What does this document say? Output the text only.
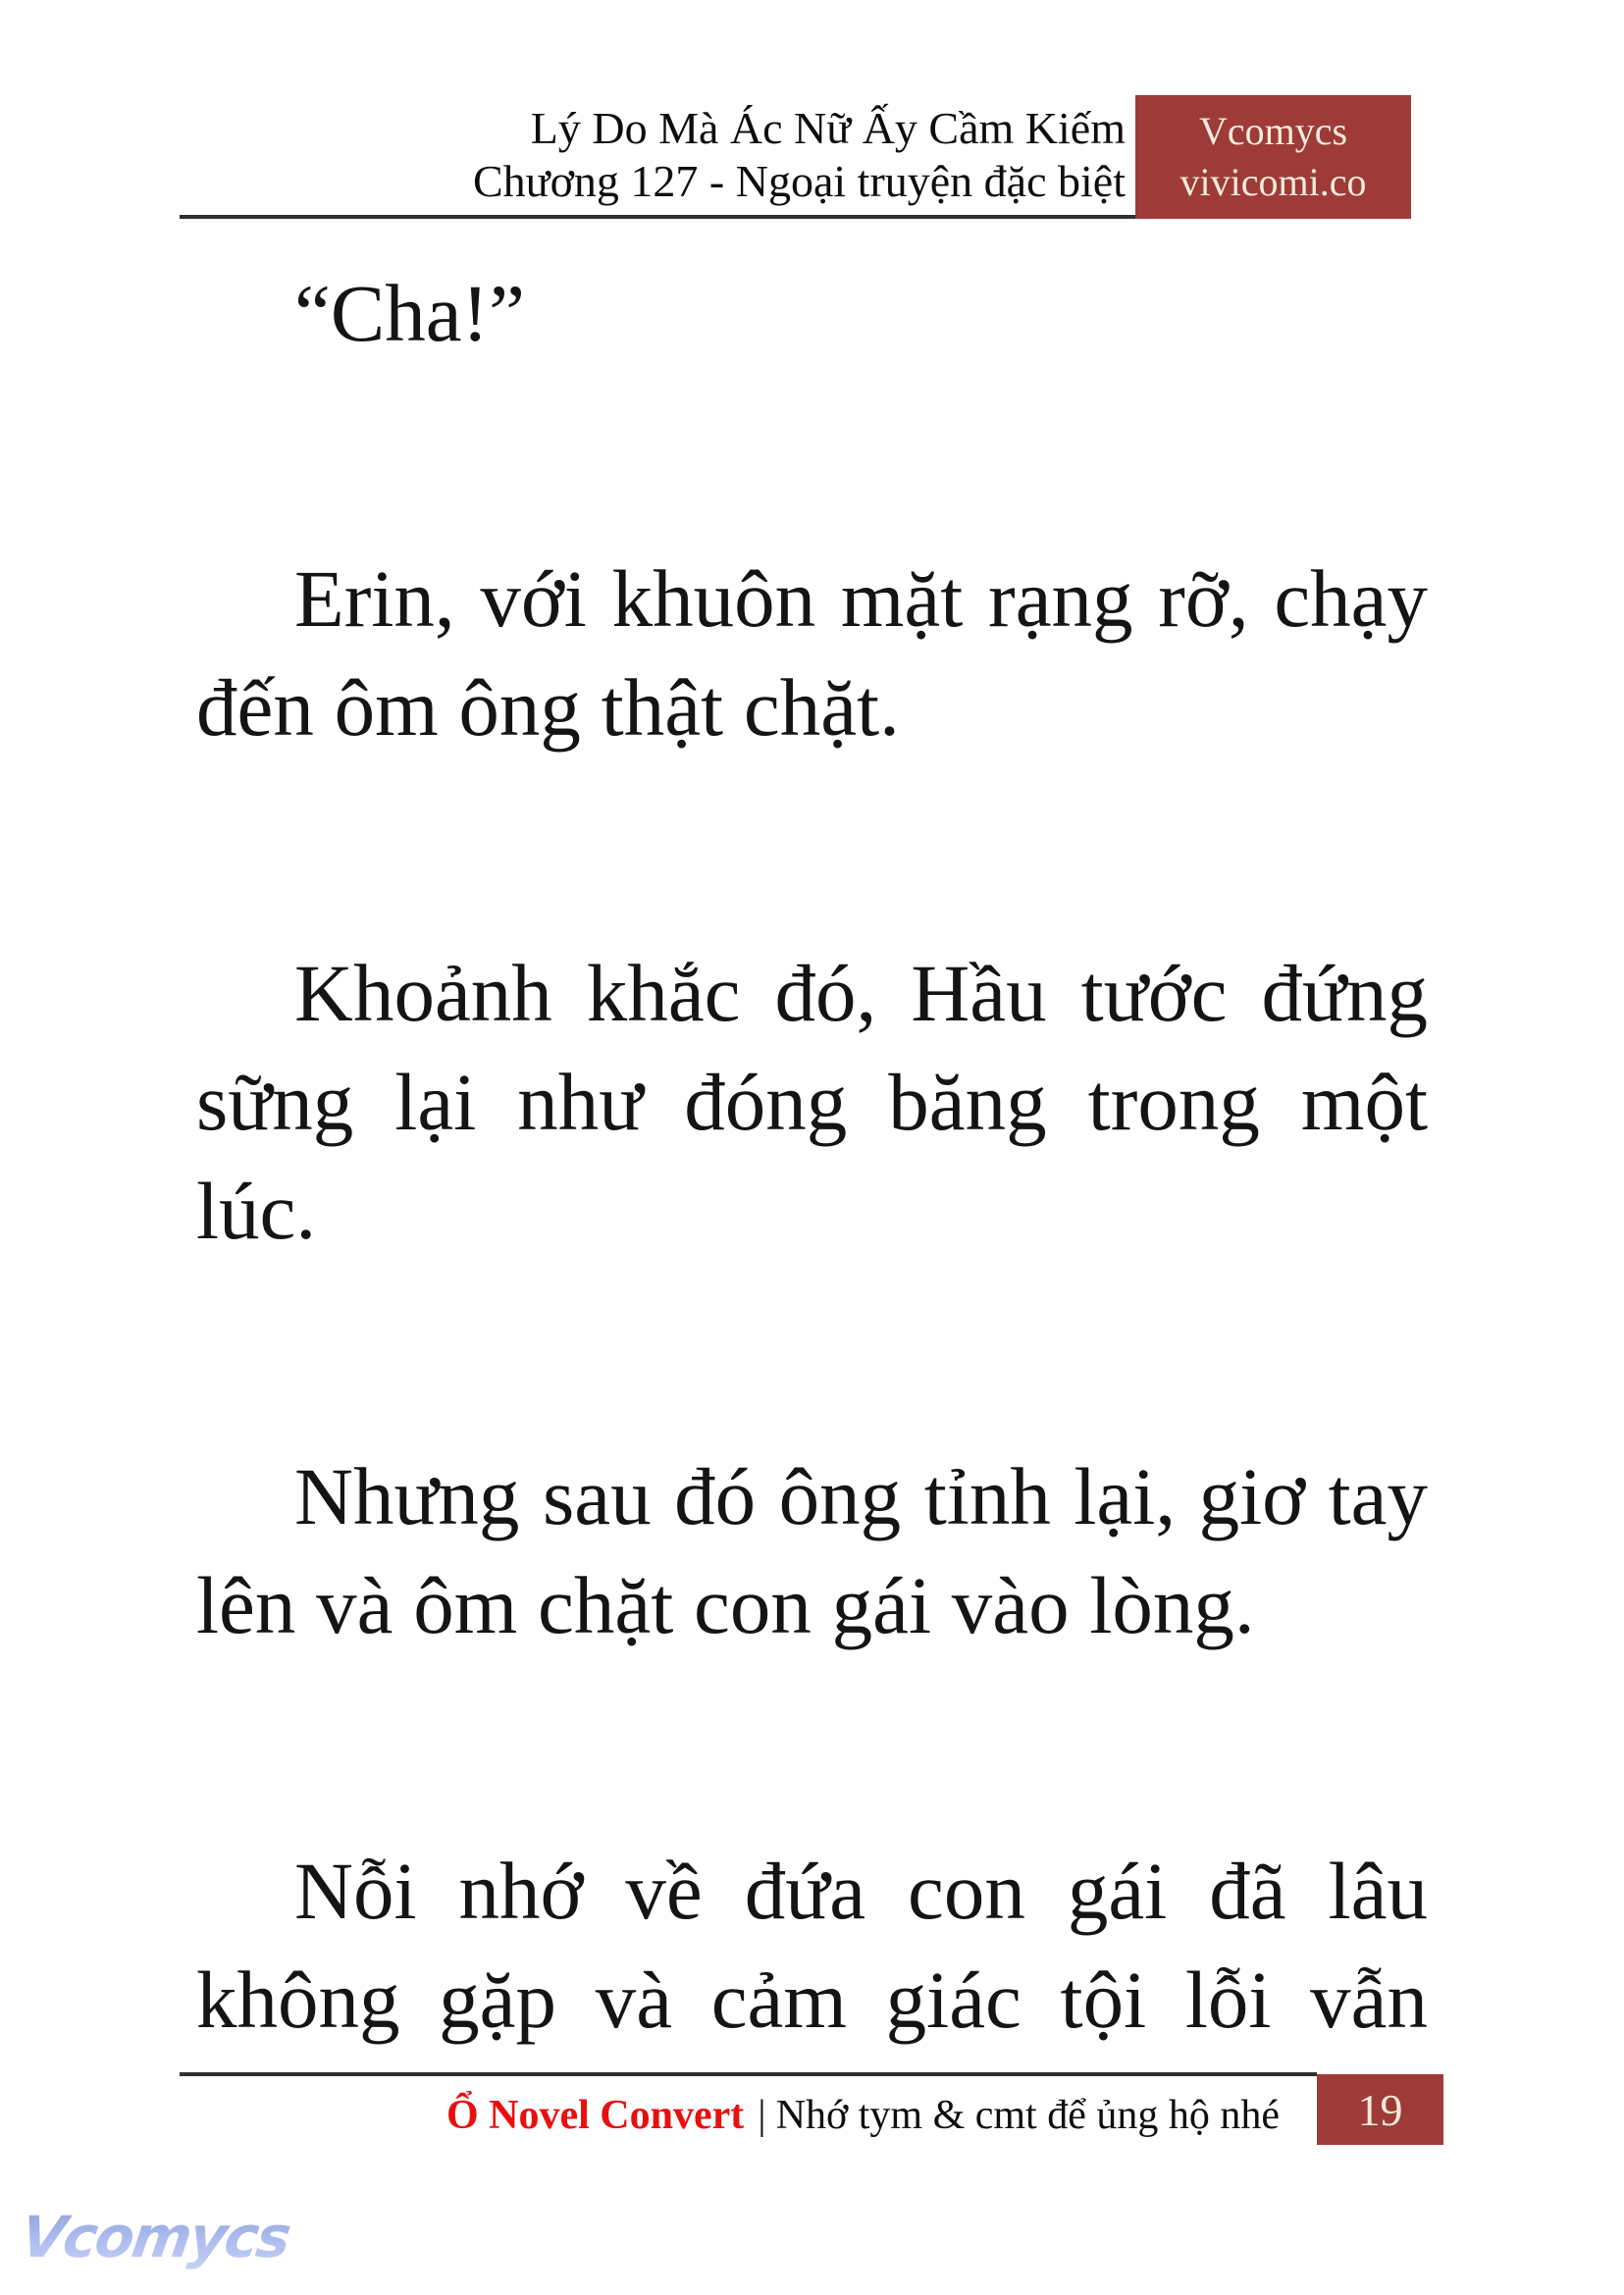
Lý Do Mà Ác Nữ Ấy Cầm Kiếm
Chương 127 - Ngoại truyện đặc biệt
Vcomycs
vivicomi.co
“Cha!”
Erin, với khuôn mặt rạng rỡ, chạy
đến ôm ông thật chặt.
Khoảnh khắc đó, Hầu tước đứng
sững lại như đóng băng trong một
lúc.
Nhưng sau đó ông tỉnh lại, giơ tay
lên và ôm chặt con gái vào lòng.
Nỗi nhớ về đứa con gái đã lâu
không gặp và cảm giác tội lỗi vẫn
Ổ Novel Convert | Nhớ tym & cmt để ủng hộ nhé	19
Vcomycs
